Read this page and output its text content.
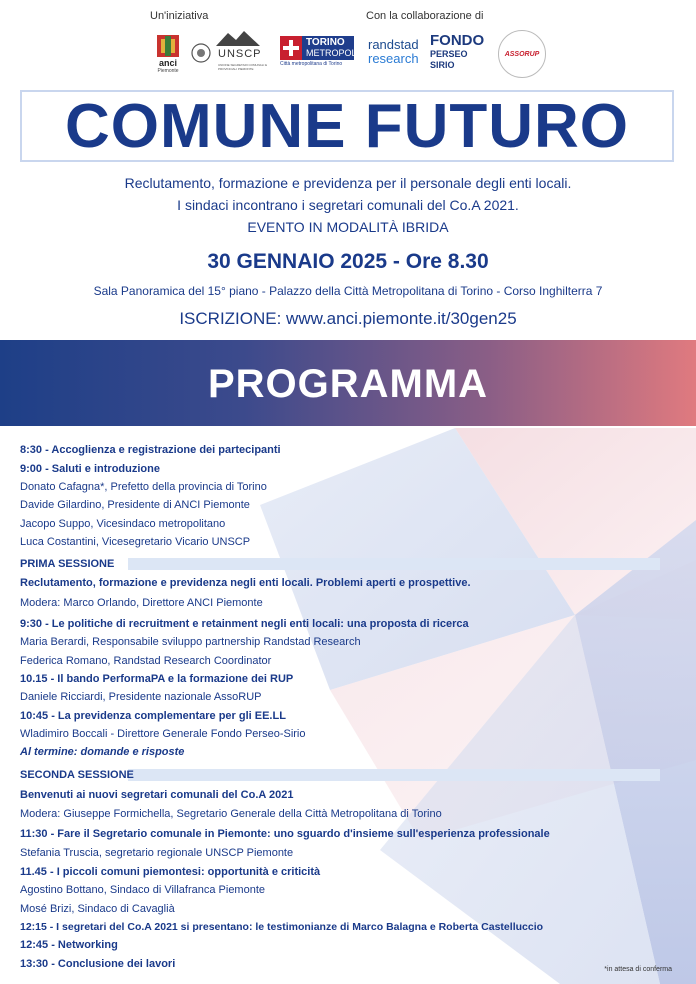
Un'iniziativa	Con la collaborazione di
anci
Piemonte
UNSCP
UNIONE SEGRETARI COMUNALI E PROVINCIALI PIEMONTE
TORINO
METROPOLI
Città metropolitana di Torino
randstad
research
FONDO
PERSEO SIRIO
ASSORUP
COMUNE FUTURO
Reclutamento, formazione e previdenza per il personale degli enti locali.
I sindaci incontrano i segretari comunali del Co.A 2021.
EVENTO IN MODALITÀ IBRIDA
30 GENNAIO 2025 - Ore 8.30
Sala Panoramica del 15° piano - Palazzo della Città Metropolitana di Torino - Corso Inghilterra 7
ISCRIZIONE: www.anci.piemonte.it/30gen25
PROGRAMMA
8:30 - Accoglienza e registrazione dei partecipanti
9:00 - Saluti e introduzione
Donato Cafagna*, Prefetto della provincia di Torino
Davide Gilardino, Presidente di ANCI Piemonte
Jacopo Suppo, Vicesindaco metropolitano
Luca Costantini, Vicesegretario Vicario UNSCP
PRIMA SESSIONE
Reclutamento, formazione e previdenza negli enti locali. Problemi aperti e prospettive.
Modera: Marco Orlando, Direttore ANCI Piemonte
9:30 - Le politiche di recruitment e retainment negli enti locali: una proposta di ricerca
Maria Berardi, Responsabile sviluppo partnership Randstad Research
Federica Romano, Randstad Research Coordinator
10.15 - Il bando PerformaPA e la formazione dei RUP
Daniele Ricciardi, Presidente nazionale AssoRUP
10:45 - La previdenza complementare per gli EE.LL
Wladimiro Boccali - Direttore Generale Fondo Perseo-Sirio
Al termine: domande e risposte
SECONDA SESSIONE
Benvenuti ai nuovi segretari comunali del Co.A 2021
Modera: Giuseppe Formichella, Segretario Generale della Città Metropolitana di Torino
11:30 - Fare il Segretario comunale in Piemonte: uno sguardo d'insieme sull'esperienza professionale
Stefania Truscia, segretario regionale UNSCP Piemonte
11.45 - I piccoli comuni piemontesi: opportunità e criticità
Agostino Bottano, Sindaco di Villafranca Piemonte
Mosé Brizi, Sindaco di Cavaglià
12:15 - I segretari del Co.A 2021 si presentano: le testimonianze di Marco Balagna e Roberta Castelluccio
12:45 - Networking
13:30 - Conclusione dei lavori	*in attesa di conferma
